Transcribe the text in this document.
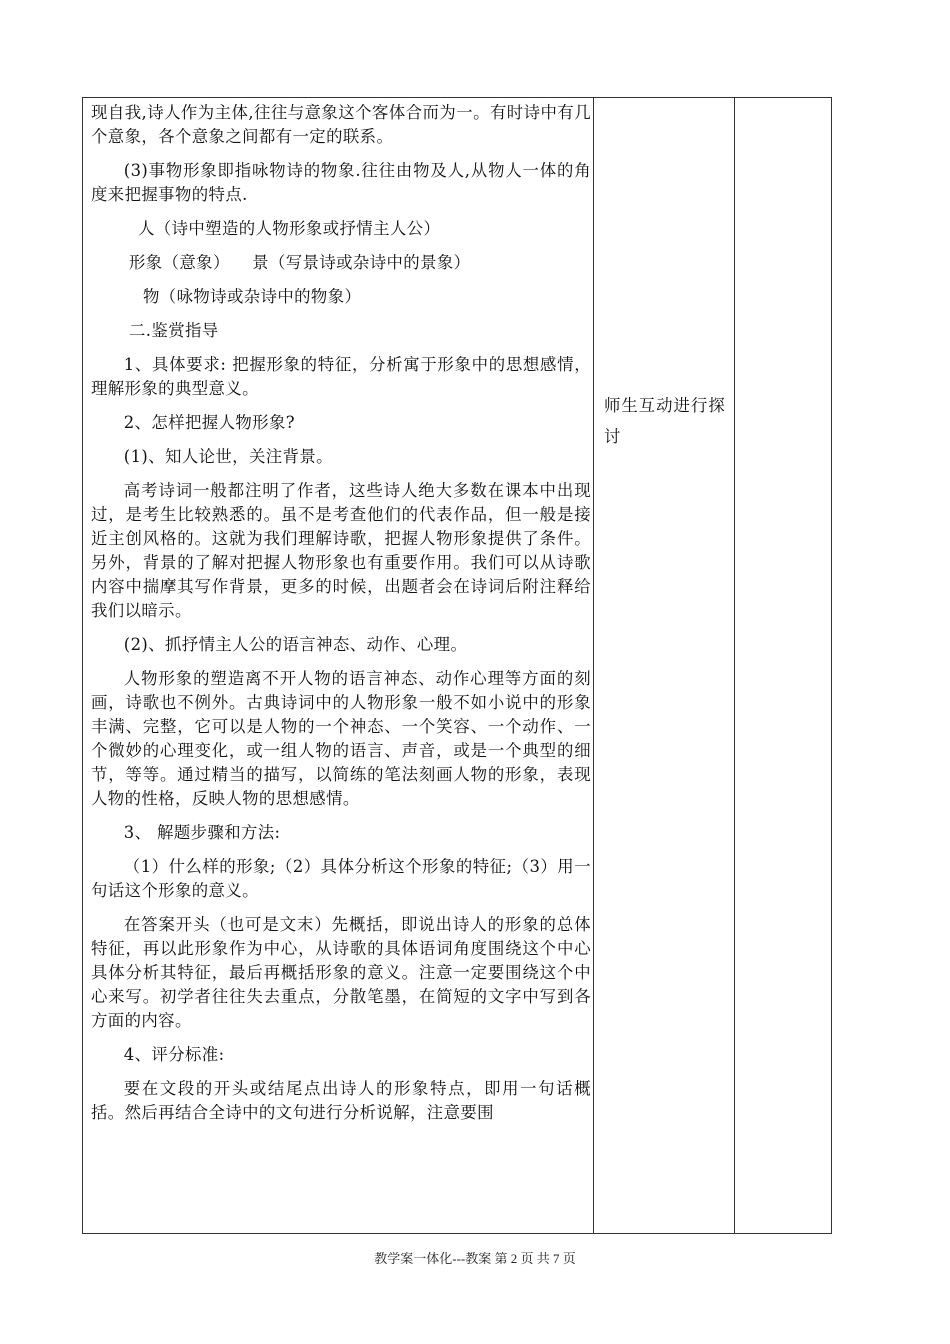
现自我,诗人作为主体,往往与意象这个客体合而为一。有时诗中有几个意象，各个意象之间都有一定的联系。

(3)事物形象即指咏物诗的物象.往往由物及人,从物人一体的角度来把握事物的特点.

人（诗中塑造的人物形象或抒情主人公）

形象（意象）    景（写景诗或杂诗中的景象）

物（咏物诗或杂诗中的物象）

二.鉴赏指导

1、具体要求: 把握形象的特征，分析寓于形象中的思想感情，理解形象的典型意义。

2、怎样把握人物形象?

(1)、知人论世，关注背景。

高考诗词一般都注明了作者，这些诗人绝大多数在课本中出现过，是考生比较熟悉的。虽不是考查他们的代表作品，但一般是接近主创风格的。这就为我们理解诗歌，把握人物形象提供了条件。另外，背景的了解对把握人物形象也有重要作用。我们可以从诗歌内容中揣摩其写作背景，更多的时候，出题者会在诗词后附注释给我们以暗示。

(2)、抓抒情主人公的语言神态、动作、心理。

人物形象的塑造离不开人物的语言神态、动作心理等方面的刻画，诗歌也不例外。古典诗词中的人物形象一般不如小说中的形象丰满、完整，它可以是人物的一个神态、一个笑容、一个动作、一个微妙的心理变化，或一组人物的语言、声音，或是一个典型的细节，等等。通过精当的描写，以简练的笔法刻画人物的形象，表现人物的性格，反映人物的思想感情。

3、 解题步骤和方法:

（1）什么样的形象;（2）具体分析这个形象的特征;（3）用一句话这个形象的意义。

在答案开头（也可是文末）先概括，即说出诗人的形象的总体特征，再以此形象作为中心，从诗歌的具体语词角度围绕这个中心具体分析其特征，最后再概括形象的意义。注意一定要围绕这个中心来写。初学者往往失去重点，分散笔墨，在简短的文字中写到各方面的内容。

4、评分标准:

要在文段的开头或结尾点出诗人的形象特点，即用一句话概括。然后再结合全诗中的文句进行分析说解，注意要围

师生互动进行探讨
教学案一体化---教案 第 2 页 共 7 页
